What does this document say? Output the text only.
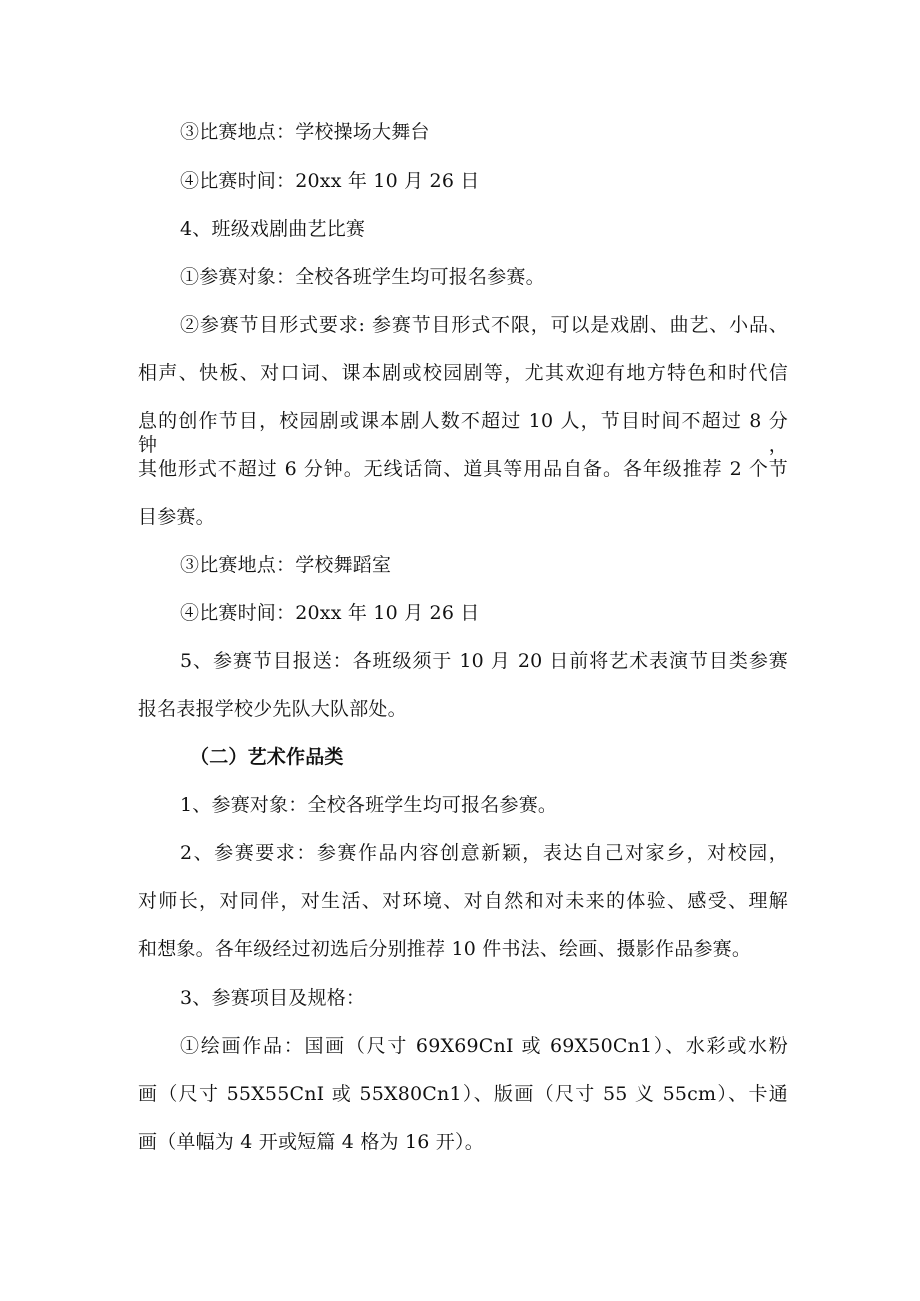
③比赛地点：学校操场大舞台
④比赛时间：20xx 年 10 月 26 日
4、班级戏剧曲艺比赛
①参赛对象：全校各班学生均可报名参赛。
②参赛节目形式要求: 参赛节目形式不限，可以是戏剧、曲艺、小品、
相声、快板、对口词、课本剧或校园剧等，尤其欢迎有地方特色和时代信
息的创作节目，校园剧或课本剧人数不超过 10 人，节目时间不超过 8 分钟，
其他形式不超过 6 分钟。无线话筒、道具等用品自备。各年级推荐 2 个节
目参赛。
③比赛地点：学校舞蹈室
④比赛时间：20xx 年 10 月 26 日
5、参赛节目报送：各班级须于 10 月 20 日前将艺术表演节目类参赛
报名表报学校少先队大队部处。
（二）艺术作品类
1、参赛对象：全校各班学生均可报名参赛。
2、参赛要求：参赛作品内容创意新颖，表达自己对家乡，对校园，
对师长，对同伴，对生活、对环境、对自然和对未来的体验、感受、理解
和想象。各年级经过初选后分别推荐 10 件书法、绘画、摄影作品参赛。
3、参赛项目及规格：
①绘画作品：国画（尺寸 69X69CnI 或 69X50Cn1）、水彩或水粉
画（尺寸 55X55CnI 或 55X80Cn1）、版画（尺寸 55 义 55cm）、卡通
画（单幅为 4 开或短篇 4 格为 16 开）。
